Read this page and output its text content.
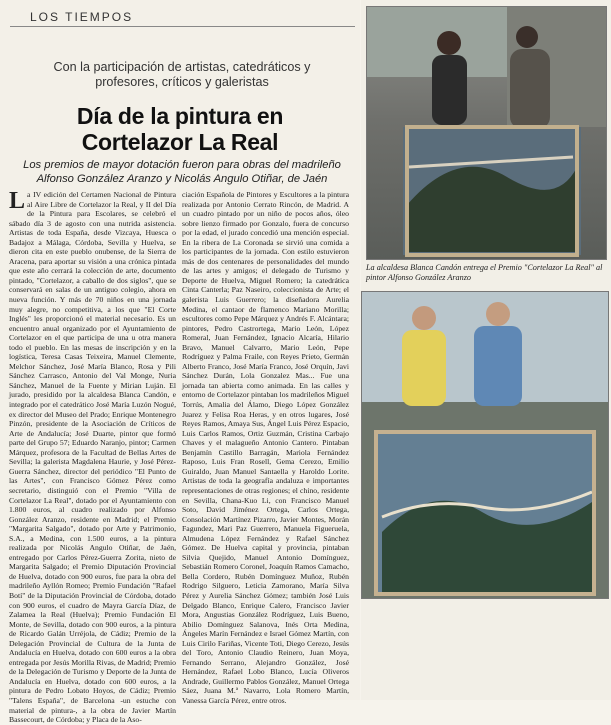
LOS TIEMPOS
Con la participación de artistas, catedráticos y profesores, críticos y galeristas
Día de la pintura en Cortelazor La Real
Los premios de mayor dotación fueron para obras del madrileño Alfonso González Aranzo y Nicolás Angulo Otiñar, de Jaén

La IV edición del Certamen Nacional de Pintura al Aire Libre de Cortelazor la Real, y II del Día de la Pintura para Escolares, se celebró el sábado día 3 de agosto con una nutrida asistencia. Artistas de toda España, desde Vizcaya, Huesca o Badajoz a Málaga, Córdoba, Sevilla y Huelva, se dieron cita en este pueblo onubense, de la Sierra de Aracena, para aportar su visión a una crónica pintada que este año cerrará la colección de arte, documento pintado, "Cortelazor, a caballo de dos siglos", que se conservará en salas de un antiguo colegio, ahora en nueva función. Y más de 70 niños en una jornada muy alegre, no competitiva, a los que "El Corte Inglés" les proporcionó el material necesario. Es un encuentro anual organizado por el Ayuntamiento de Cortelazor en el que participa de una u otra manera todo el pueblo. En las mesas de inscripción y en la logística, Teresa Casas Teixeira, Manuel Clemente, Melchor Sánchez, José María Blanco, Rosa y Pili Sánchez Carrasco, Antonio del Val Monge, Nuria Sánchez, Manuel de la Fuente y Mirian Luján. El jurado, presidido por la alcaldesa Blanca Candón, e integrado por el catedrático José María Luzón Nogué, ex director del Museo del Prado; Enrique Montenegro Pinzón, presidente de la Asociación de Críticos de Arte de Andalucía; José Duarte, pintor que formó parte del Grupo 57; Eduardo Naranjo, pintor; Carmen Márquez, profesora de la Facultad de Bellas Artes de Sevilla; la galerista Magdalena Haurie, y José Pérez-Guerra Sánchez, director del periódico "El Punto de las Artes", con Francisco Gómez Pérez como secretario, distinguió con el Premio "Villa de Cortelazor La Real", dotado por el Ayuntamiento con 1.800 euros, al cuadro realizado por Alfonso González Aranzo, residente en Madrid; el Premio "Margarita Salgado", dotado por Arte y Patrimonio, S.A., a Medina, con 1.500 euros, a la pintura realizada por Nicolás Angulo Otiñar, de Jaén, entregado por Carlos Pérez-Guerra Zorita, nieto de Margarita Salgado; el Premio Diputación Provincial de Huelva, dotado con 900 euros, fue para la obra del madrileño Ayllón Romeo; Premio Fundación "Rafael Botí" de la Diputación Provincial de Córdoba, dotado con 900 euros, el cuadro de Mayra García Díaz, de Zalamea la Real (Huelva); Premio Fundación El Monte, de Sevilla, dotado con 900 euros, a la pintura de Ricardo Galán Urréjola, de Cádiz; Premio de la Delegación Provincial de Cultura de la Junta de Andalucía en Huelva, dotado con 600 euros a la obra entregada por Jesús Morilla Rivas, de Madrid; Premio de la Delegación de Turismo y Deporte de la Junta de Andalucía en Huelva, dotado con 600 euros, a la pintura de Pedro Lobato Hoyos, de Cádiz; Premio "Talens España", de Barcelona -un estuche con material de pintura-, a la obra de Javier Martín Bassecourt, de Córdoba; y Placa de la Aso-

ciación Española de Pintores y Escultores a la pintura realizada por Antonio Cerrato Rincón, de Madrid. A un cuadro pintado por un niño de pocos años, óleo sobre lienzo firmado por Gonzalo, fuera de concurso por la edad, el jurado concedió una mención especial. En la ribera de La Coronada se sirvió una comida a los participantes de la jornada. Con estilo estuvieron más de dos centenares de personalidades del mundo de las artes y amigos; el delegado de Turismo y Deporte de Huelva, Miguel Romero; la catedrática Cinta Canterla; Paz Naseiro, coleccionista de Arte; el galerista Luis Guerrero; la diseñadora Aurelia Medina, el cantaor de flamenco Mariano Morilla; escultores como Pepe Márquez y Andrés F. Alcántara; pintores, Pedro Castrortega, Mario León, López Romeral, Juan Fernández, Ignacio Alcaría, Hilario Bravo, Manuel Calvarro, Mario León, Pepe Rodríguez y Palma Fraile, con Reyes Prieto, Germán Alberto Franco, José María Franco, José Orquín, Javi Sánchez Durán, Lola Gonzalez Mas... Fue una jornada tan abierta como animada. En las calles y entorno de Cortelazor pintaban los madrileños Miguel Torrús, Amalia del Álamo, Diego López González Juarez y Felisa Roa Heras, y en otros lugares, José Reyes Ramos, Amaya Sus, Ángel Luis Pérez Espacio, Luis Carlos Ramos, Ortiz Guzmán, Cristina Carbajo Chaves y el malagueño Antonio Cantero. Pintaban Benjamín Castillo Barragán, Mariola Fernández Raposo, Luis Fran Rosell, Gema Cerezo, Emilio Guiraldo, Juan Manuel Santaella y Haroldo Lorite. Artistas de toda la geografía andaluza e importantes representaciones de otras regiones; el chino, residente en Sevilla, Chana-Kuo Li, con Francisco Manuel Soto, David Jiménez Ortega, Carlos Ortega, Consolación Martínez Pizarro, Javier Montes, Morán Fagundez, Mari Paz Guerrero, Manuela Figueruela, Almudena López Fernández y Rafael Sánchez Gómez. De Huelva capital y provincia, pintaban Silvia Quejido, Manuel Antonio Domínguez, Sebastián Romero Coronel, Joaquín Ramos Camacho, Bella Cordero, Rubén Domínguez Muñoz, Rubén Rodrigo Silguero, Leticia Zamorano, María Silva Pérez y Aurelia Sánchez Gómez; también José Luis Delgado Blanco, Enrique Calero, Francisco Javier Mora, Angustias González Rodríguez, Luis Bueno, Abilio Domínguez Salanova, Inés Orta Medina, Ángeles Marín Fernández e Israel Gómez Martín, con Luis Cirilo Fariñas, Vicente Toti, Diego Cerezo, Jesús del Toro, Antonio Claudio Reinero, Juan Moya, Fernando Serrano, Alejandro González, José Hernández, Rafael Lobo Blanco, Lucía Oliveros Andrade, Guillermo Pablos González, Manuel Ortega Sáez, Juana M.ª Navarro, Lola Romero Martín, Vanessa García Pérez, entre otros.

La alcaldesa Blanca Candón entrega el Premio "Cortelazor La Real" al pintor Alfonso González Aranzo
